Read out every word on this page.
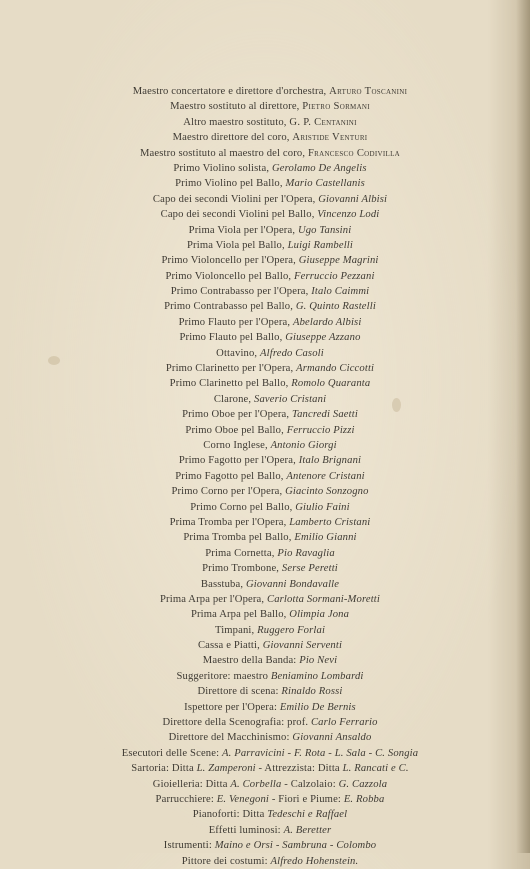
Maestro concertatore e direttore d'orchestra, Arturo Toscanini
Maestro sostituto al direttore, Pietro Sormani
Altro maestro sostituto, G. P. Centanini
Maestro direttore del coro, Aristide Venturi
Maestro sostituto al maestro del coro, Francesco Codivilla
Primo Violino solista, Gerolamo De Angelis
Primo Violino pel Ballo, Mario Castellanis
Capo dei secondi Violini per l'Opera, Giovanni Albisi
Capo dei secondi Violini pel Ballo, Vincenzo Lodi
Prima Viola per l'Opera, Ugo Tansini
Prima Viola pel Ballo, Luigi Rambelli
Primo Violoncello per l'Opera, Giuseppe Magrini
Primo Violoncello pel Ballo, Ferruccio Pezzani
Primo Contrabasso per l'Opera, Italo Caimmi
Primo Contrabasso pel Ballo, G. Quinto Rastelli
Primo Flauto per l'Opera, Abelardo Albisi
Primo Flauto pel Ballo, Giuseppe Azzano
Ottavino, Alfredo Casoli
Primo Clarinetto per l'Opera, Armando Ciccotti
Primo Clarinetto pel Ballo, Romolo Quaranta
Clarone, Saverio Cristani
Primo Oboe per l'Opera, Tancredi Saetti
Primo Oboe pel Ballo, Ferruccio Pizzi
Corno Inglese, Antonio Giorgi
Primo Fagotto per l'Opera, Italo Brignani
Primo Fagotto pel Ballo, Antenore Cristani
Primo Corno per l'Opera, Giacinto Sonzogno
Primo Corno pel Ballo, Giulio Faini
Prima Tromba per l'Opera, Lamberto Cristani
Prima Tromba pel Ballo, Emilio Gianni
Prima Cornetta, Pio Ravaglia
Primo Trombone, Serse Peretti
Basstuba, Giovanni Bondavalle
Prima Arpa per l'Opera, Carlotta Sormani-Moretti
Prima Arpa pel Ballo, Olimpia Jona
Timpani, Ruggero Forlai
Cassa e Piatti, Giovanni Serventi
Maestro della Banda: Pio Nevi
Suggeritore: maestro Beniamino Lombardi
Direttore di scena: Rinaldo Rossi
Ispettore per l'Opera: Emilio De Bernis
Direttore della Scenografia: prof. Carlo Ferrario
Direttore del Macchinismo: Giovanni Ansaldo
Esecutori delle Scene: A. Parravicini - F. Rota - L. Sala - C. Songia
Sartoria: Ditta L. Zamperoni - Attrezzista: Ditta L. Rancati e C.
Gioielleria: Ditta A. Corbella - Calzolaio: G. Cazzola
Parrucchiere: E. Venegoni - Fiori e Piume: E. Robba
Pianoforti: Ditta Tedeschi e Raffael
Effetti luminosi: A. Beretter
Istrumenti: Maino e Orsi - Sambruna - Colombo
Pittore dei costumi: Alfredo Hohenstein.
